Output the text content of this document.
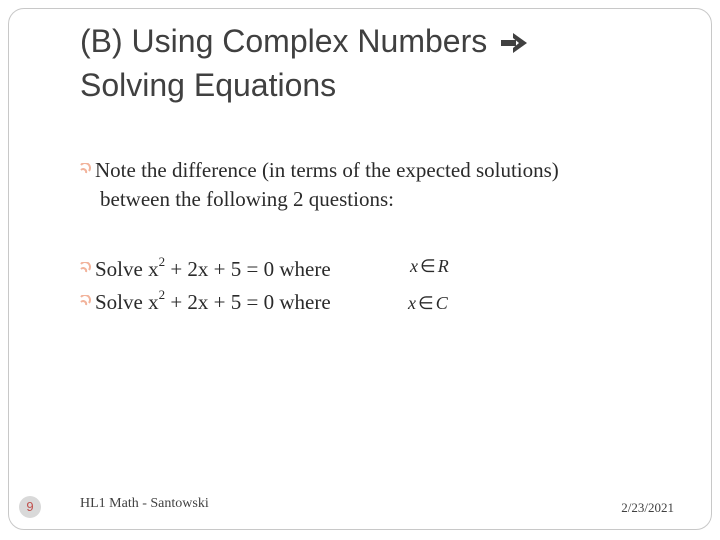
(B) Using Complex Numbers
Solving Equations
Note the difference (in terms of the expected solutions)
between the following 2 questions:
Solve $x^2 + 2x + 5 = 0$ where	x ∈ R
Solve $x^2 + 2x + 5 = 0$ where	x ∈ C
9	HL1 Math - Santowski	2/23/2021
